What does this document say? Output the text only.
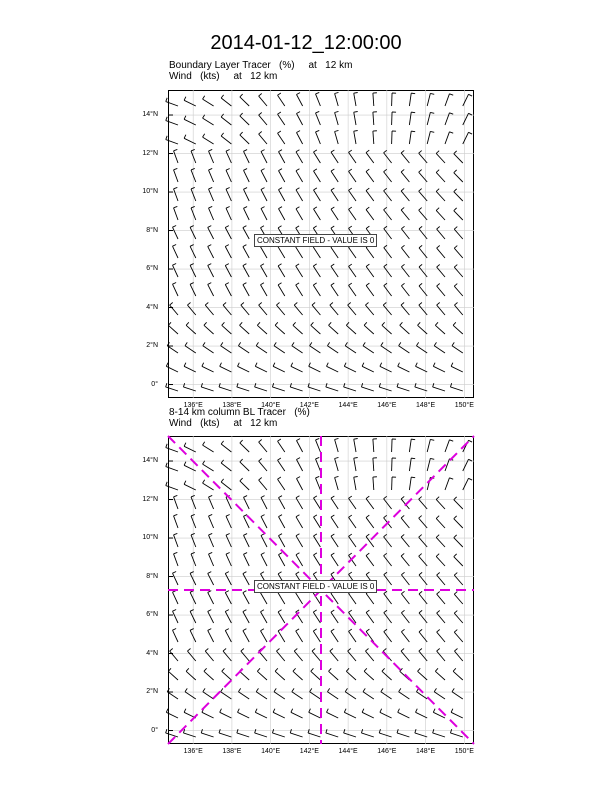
2014-01-12_12:00:00
Boundary Layer Tracer   (%)     at   12 km
Wind   (kts)     at   12 km
8-14 km column BL Tracer   (%)
Wind   (kts)     at   12 km
136°E	138°E	140°E	142°E	144°E	146°E	148°E	150°E
0°
2°N
4°N
6°N
8°N
10°N
12°N
14°N
CONSTANT FIELD - VALUE IS 0
136°E	138°E	140°E	142°E	144°E	146°E	148°E	150°E
0°
2°N
4°N
6°N
8°N
10°N
12°N
14°N
CONSTANT FIELD - VALUE IS 0
